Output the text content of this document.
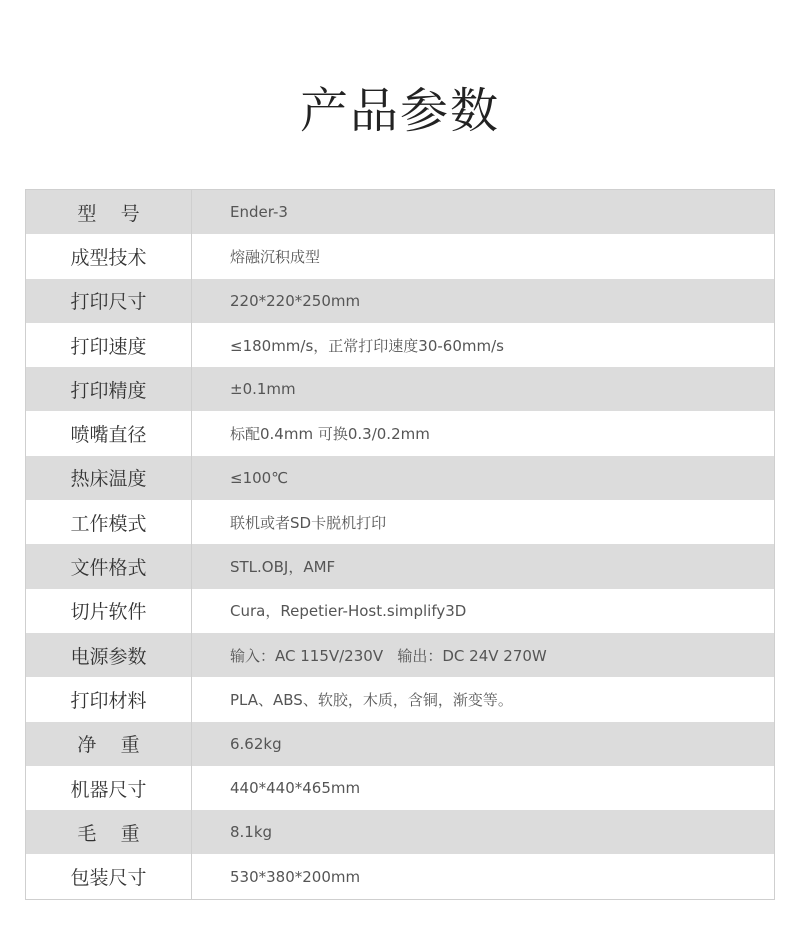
产品参数
型    号	Ender-3
成型技术	熔融沉积成型
打印尺寸	220*220*250mm
打印速度	≤180mm/s，正常打印速度30-60mm/s
打印精度	±0.1mm
喷嘴直径	标配0.4mm 可换0.3/0.2mm
热床温度	≤100℃
工作模式	联机或者SD卡脱机打印
文件格式	STL.OBJ，AMF
切片软件	Cura，Repetier-Host.simplify3D
电源参数	输入：AC 115V/230V   输出：DC 24V 270W
打印材料	PLA、ABS、软胶，木质，含铜，渐变等。
净    重	6.62kg
机器尺寸	440*440*465mm
毛    重	8.1kg
包装尺寸	530*380*200mm
